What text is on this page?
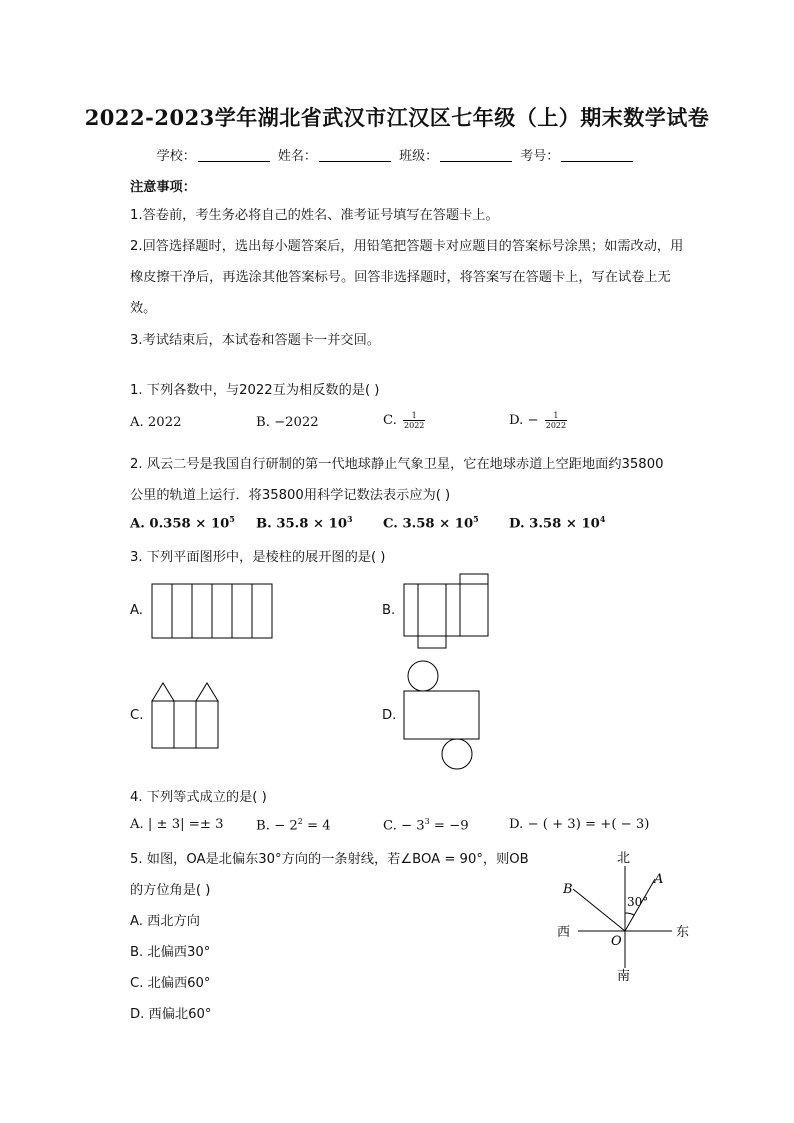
2022-2023学年湖北省武汉市江汉区七年级（上）期末数学试卷
学校：	姓名：	班级：	考号：
注意事项：
1.答卷前，考生务必将自己的姓名、准考证号填写在答题卡上。
2.回答选择题时，选出每小题答案后，用铅笔把答题卡对应题目的答案标号涂黑；如需改动，用橡皮擦干净后，再选涂其他答案标号。回答非选择题时，将答案写在答题卡上，写在试卷上无效。
3.考试结束后，本试卷和答题卡一并交回。
1. 下列各数中，与2022互为相反数的是( )
A. 2022	B. −2022	C. $\frac{1}{2022}$	D. − $\frac{1}{2022}$
2. 风云二号是我国自行研制的第一代地球静止气象卫星，它在地球赤道上空距地面约35800
公里的轨道上运行．将35800用科学记数法表示应为( )
A. $0.358 \times 10^5$ B. $35.8 \times 10^3$ C. $3.58 \times 10^5$ D. $3.58 \times 10^4$
3. 下列平面图形中，是棱柱的展开图的是( )
A.	B.
C.	D.
北
南
东
西
A
B
O
30°
4. 下列等式成立的是( )
A. | ± 3| =± 3 B. − $2^2 = 4$	C. − $3^3 = -9$	D. − ( + 3) = +( − 3)
5. 如图，OA是北偏东30°方向的一条射线，若∠BOA = 90°，则OB
的方位角是( )
A. 西北方向
B. 北偏西30°
C. 北偏西60°
D. 西偏北60°
